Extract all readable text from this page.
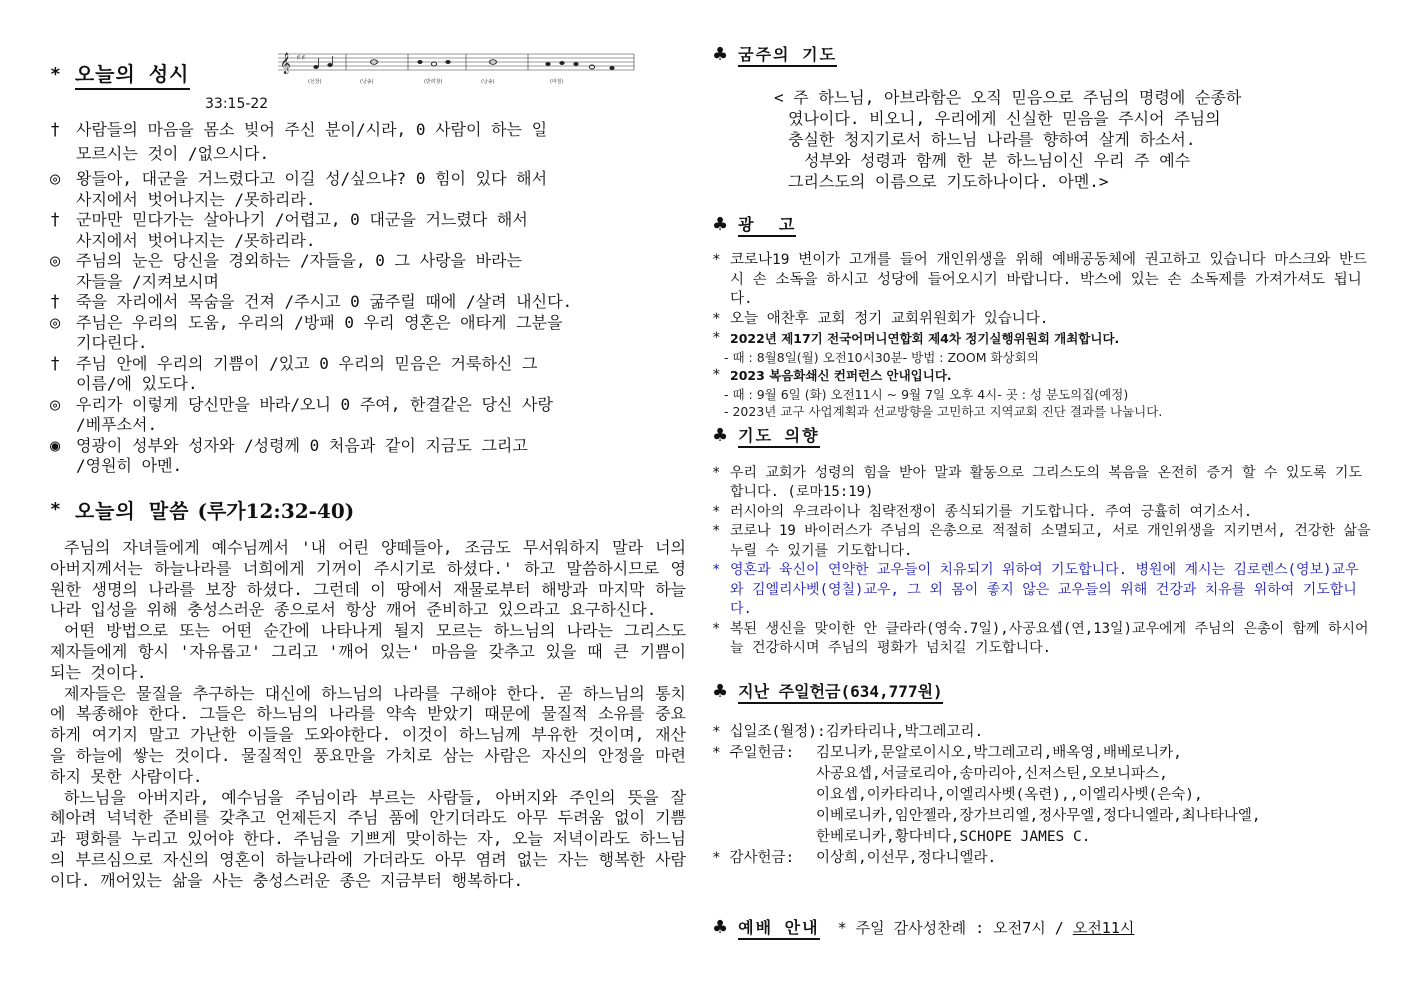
* 오늘의 성시
33:15-22
𝄞 ♯♯
(선창)	(낭송)	(반려창)	(낭송)	(마침)
† 사람들의 마음을 몸소 빚어 주신 분이/시라, 0 사람이 하는 일
모르시는 것이 /없으시다.
◎ 왕들아, 대군을 거느렸다고 이길 성/싶으냐? 0 힘이 있다 해서
사지에서 벗어나지는 /못하리라.
† 군마만 믿다가는 살아나기 /어렵고, 0 대군을 거느렸다 해서
사지에서 벗어나지는 /못하리라.
◎ 주님의 눈은 당신을 경외하는 /자들을, 0 그 사랑을 바라는
자들을 /지켜보시며
† 죽을 자리에서 목숨을 건져 /주시고 0 굶주릴 때에 /살려 내신다.
◎ 주님은 우리의 도움, 우리의 /방패 0 우리 영혼은 애타게 그분을
기다린다.
† 주님 안에 우리의 기쁨이 /있고 0 우리의 믿음은 거룩하신 그
이름/에 있도다.
◎ 우리가 이렇게 당신만을 바라/오니 0 주여, 한결같은 당신 사랑
/베푸소서.
◉ 영광이 성부와 성자와 /성령께 0 처음과 같이 지금도 그리고
/영원히 아멘.
* 오늘의 말씀 (루가12:32-40)

주님의 자녀들에게 예수님께서 '내 어린 양떼들아, 조금도 무서워하지 말라 너의 아버지께서는 하늘나라를 너희에게 기꺼이 주시기로 하셨다.' 하고 말씀하시므로 영원한 생명의 나라를 보장 하셨다. 그런데 이 땅에서 재물로부터 해방과 마지막 하늘나라 입성을 위해 충성스러운 종으로서 항상 깨어 준비하고 있으라고 요구하신다.

어떤 방법으로 또는 어떤 순간에 나타나게 될지 모르는 하느님의 나라는 그리스도 제자들에게 항시 '자유롭고' 그리고 '깨어 있는' 마음을 갖추고 있을 때 큰 기쁨이 되는 것이다.

제자들은 물질을 추구하는 대신에 하느님의 나라를 구해야 한다. 곧 하느님의 통치에 복종해야 한다. 그들은 하느님의 나라를 약속 받았기 때문에 물질적 소유를 중요하게 여기지 말고 가난한 이들을 도와야한다. 이것이 하느님께 부유한 것이며, 재산을 하늘에 쌓는 것이다. 물질적인 풍요만을 가치로 삼는 사람은 자신의 안정을 마련하지 못한 사람이다.

하느님을 아버지라, 예수님을 주님이라 부르는 사람들, 아버지와 주인의 뜻을 잘 헤아려 넉넉한 준비를 갖추고 언제든지 주님 품에 안기더라도 아무 두려움 없이 기쁨과 평화를 누리고 있어야 한다. 주님을 기쁘게 맞이하는 자, 오늘 저녁이라도 하느님의 부르심으로 자신의 영혼이 하늘나라에 가더라도 아무 염려 없는 자는 행복한 사람이다. 깨어있는 삶을 사는 충성스러운 종은 지금부터 행복하다.

♣ 굼주의 기도
< 주 하느님, 아브라함은 오직 믿음으로 주님의 명령에 순종하
였나이다. 비오니, 우리에게 신실한 믿음을 주시어 주님의
충실한 청지기로서 하느님 나라를 향하여 살게 하소서.
성부와 성령과 함께 한 분 하느님이신 우리 주 예수
그리스도의 이름으로 기도하나이다. 아멘.>
♣ 광  고
* 코로나19 변이가 고개를 들어 개인위생을 위해 예배공동체에 권고하고 있습니다 마스크와 반드시 손 소독을 하시고 성당에 들어오시기 바랍니다. 박스에 있는 손 소독제를 가져가셔도 됩니다.
* 오늘 애찬후 교회 정기 교회위원회가 있습니다.
* 2022년 제17기 전국어머니연합회 제4차 정기실행위원회 개최합니다.
- 때 : 8월8일(월) 오전10시30분- 방법 : ZOOM 화상회의
* 2023 복음화쇄신 컨퍼런스 안내입니다.
- 때 : 9월 6일 (화) 오전11시 ~ 9월 7일 오후 4시- 곳 : 성 분도의집(예정)
- 2023년 교구 사업계획과 선교방향을 고민하고 지역교회 진단 결과를 나눕니다.
♣ 기도 의향
* 우리 교회가 성령의 힘을 받아 말과 활동으로 그리스도의 복음을 온전히 증거 할 수 있도록 기도합니다. (로마15:19)
* 러시아의 우크라이나 침략전쟁이 종식되기를 기도합니다. 주여 긍휼히 여기소서.
* 코로나 19 바이러스가 주님의 은총으로 적절히 소멸되고, 서로 개인위생을 지키면서, 건강한 삶을 누릴 수 있기를 기도합니다.
* 영혼과 육신이 연약한 교우들이 치유되기 위하여 기도합니다. 병원에 계시는 김로렌스(영보)교우와 김엘리사벳(영칠)교우, 그 외 몸이 좋지 않은 교우들의 위해 건강과 치유를 위하여 기도합니다.
* 복된 생신을 맞이한 안 클라라(영숙.7일),사공요셉(연,13일)교우에게 주님의 은총이 함께 하시어 늘 건강하시며 주님의 평화가 넘치길 기도합니다.
♣ 지난 주일헌금(634,777원)
* 십일조(월정): 김카타리나,박그레고리.
* 주일헌금:	김모니카,문알로이시오,박그레고리,배옥영,배베로니카,
사공요셉,서글로리아,송마리아,신저스틴,오보니파스,
이요셉,이카타리나,이엘리사벳(옥련),,이엘리사벳(은숙),
이베로니카,임안젤라,장가브리엘,정사무엘,정다니엘라,최나타나엘,
한베로니카,황다비다,SCHOPE JAMES C.
* 감사헌금:	이상희,이선무,정다니엘라.
♣ 예배 안내 * 주일 감사성찬례 : 오전7시 / 오전11시
